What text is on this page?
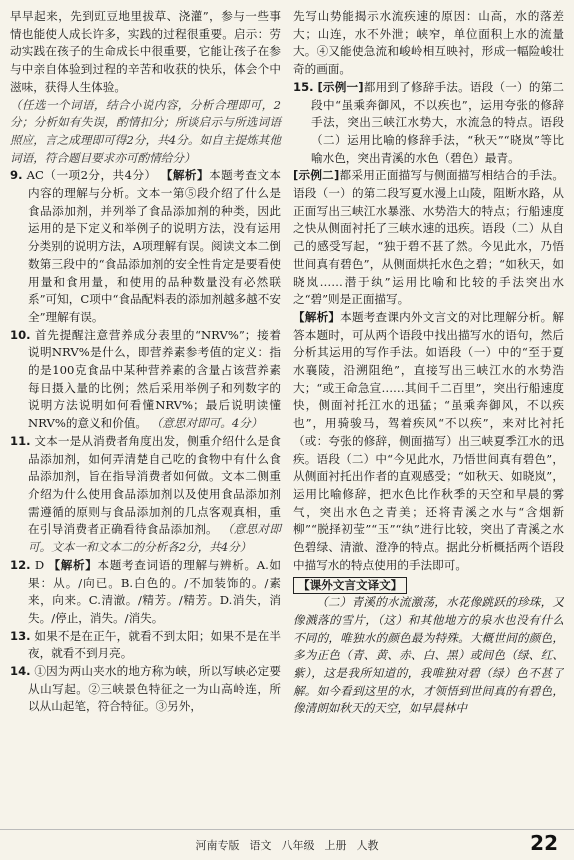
早早起来，先到豇豆地里拔草、浇灌”，参与一些事情也能使人成长许多，实践的过程很重要。启示：劳动实践在孩子的生命成长中很重要，它能让孩子在参与中亲自体验到过程的辛苦和收获的快乐，体会个中滋味，获得人生体验。

（任选一个词语，结合小说内容，分析合理即可，2分；分析如有失误，酌情扣分；所谈启示与所选词语照应，言之成理即可得2分，共4分。如自主提炼其他词语，符合题目要求亦可酌情给分）

9. AC（一项2分，共4分） 【解析】本题考查文本内容的理解与分析。文本一第⑤段介绍了什么是食品添加剂，并列举了食品添加剂的种类，因此运用的是下定义和举例子的说明方法，没有运用分类别的说明方法，A项理解有误。阅读文本二倒数第三段中的“食品添加剂的安全性肯定是要看使用量和食用量，和使用的品种数量没有必然联系”可知，C项中“食品配料表的添加剂越多越不安全”理解有误。

10. 首先提醒注意营养成分表里的“NRV%”；接着说明NRV%是什么，即营养素参考值的定义：指的是100克食品中某种营养素的含量占该营养素每日摄入量的比例；然后采用举例子和列数字的说明方法说明如何看懂NRV%；最后说明读懂NRV%的意义和价值。 （意思对即可。4分）

11. 文本一是从消费者角度出发，侧重介绍什么是食品添加剂，如何弄清楚自己吃的食物中有什么食品添加剂，旨在指导消费者如何做。文本二侧重介绍为什么使用食品添加剂以及使用食品添加剂需遵循的原则与食品添加剂的几点客观真相，重在引导消费者正确看待食品添加剂。 （意思对即可。文本一和文本二的分析各2分，共4分）

12. D 【解析】本题考查词语的理解与辨析。A.如果：从。/向已。B.白色的。/不加装饰的。/素来，向来。C.清澈。/精芳。/精芳。D.消失，消失。/停止，消失。/消失。

13. 如果不是在正午，就看不到太阳；如果不是在半夜，就看不到月亮。

14. ①因为两山夹水的地方称为峡，所以写峡必定要从山写起。②三峡景色特征之一为山高岭连，所以从山起笔，符合特征。③另外，

先写山势能揭示水流疾速的原因：山高，水的落差大；山连，水不外泄；峡窄，单位面积上水的流量大。④又能使急流和峻岭相互映衬，形成一幅险峻壮奇的画面。

15. [示例一]都用到了修辞手法。语段（一）的第二段中“虽乘奔御风，不以疾也”，运用夸张的修辞手法，突出三峡江水势大，水流急的特点。语段（二）运用比喻的修辞手法，“秋天”“晓岚”等比喻水色，突出青溪的水色（碧色）最青。

[示例二]都采用正面描写与侧面描写相结合的手法。语段（一）的第二段写夏水漫上山陵，阻断水路，从正面写出三峡江水暴涨、水势浩大的特点；行船速度之快从侧面衬托了三峡水速的迅疾。语段（二）从自己的感受写起，“独于碧不甚了然。今见此水，乃悟世间真有碧色”，从侧面烘托水色之碧；“如秋天，如晓岚……潜于纨”运用比喻和比较的手法突出水之“碧”则是正面描写。

【解析】本题考查课内外文言文的对比理解分析。解答本题时，可从两个语段中找出描写水的语句，然后分析其运用的写作手法。如语段（一）中的“至于夏水襄陵，沿溯阻绝”，直接写出三峡江水的水势浩大；“或王命急宣……其间千二百里”，突出行船速度快，侧面衬托江水的迅猛；“虽乘奔御风，不以疾也”，用骑骏马，驾着疾风“不以疾”，来对比衬托（或：夸张的修辞，侧面描写）出三峡夏季江水的迅疾。语段（二）中“今见此水，乃悟世间真有碧色”，从侧面衬托出作者的直观感受；“如秋天、如晓岚”，运用比喻修辞，把水色比作秋季的天空和早晨的雾气，突出水色之青美；还将青溪之水与“含烟新柳”“脱择初莹”“玉”“纨”进行比较，突出了青溪之水色碧绿、清澈、澄净的特点。据此分析概括两个语段中描写水的特点使用的手法即可。

【课外文言文译文】

（二）青溪的水流激荡，水花像跳跃的珍珠，又像溅落的雪片，（这）和其他地方的泉水也没有什么不同的，唯独水的颜色最为特殊。大概世间的颜色，多为正色（青、黄、赤、白、黑）或间色（绿、红、紫），这是我所知道的，我唯独对碧（绿）色不甚了解。如今看到这里的水，才领悟到世间真的有碧色，像清朗如秋天的天空，如早晨林中

河南专版 语文 八年级 上册 人教	22
